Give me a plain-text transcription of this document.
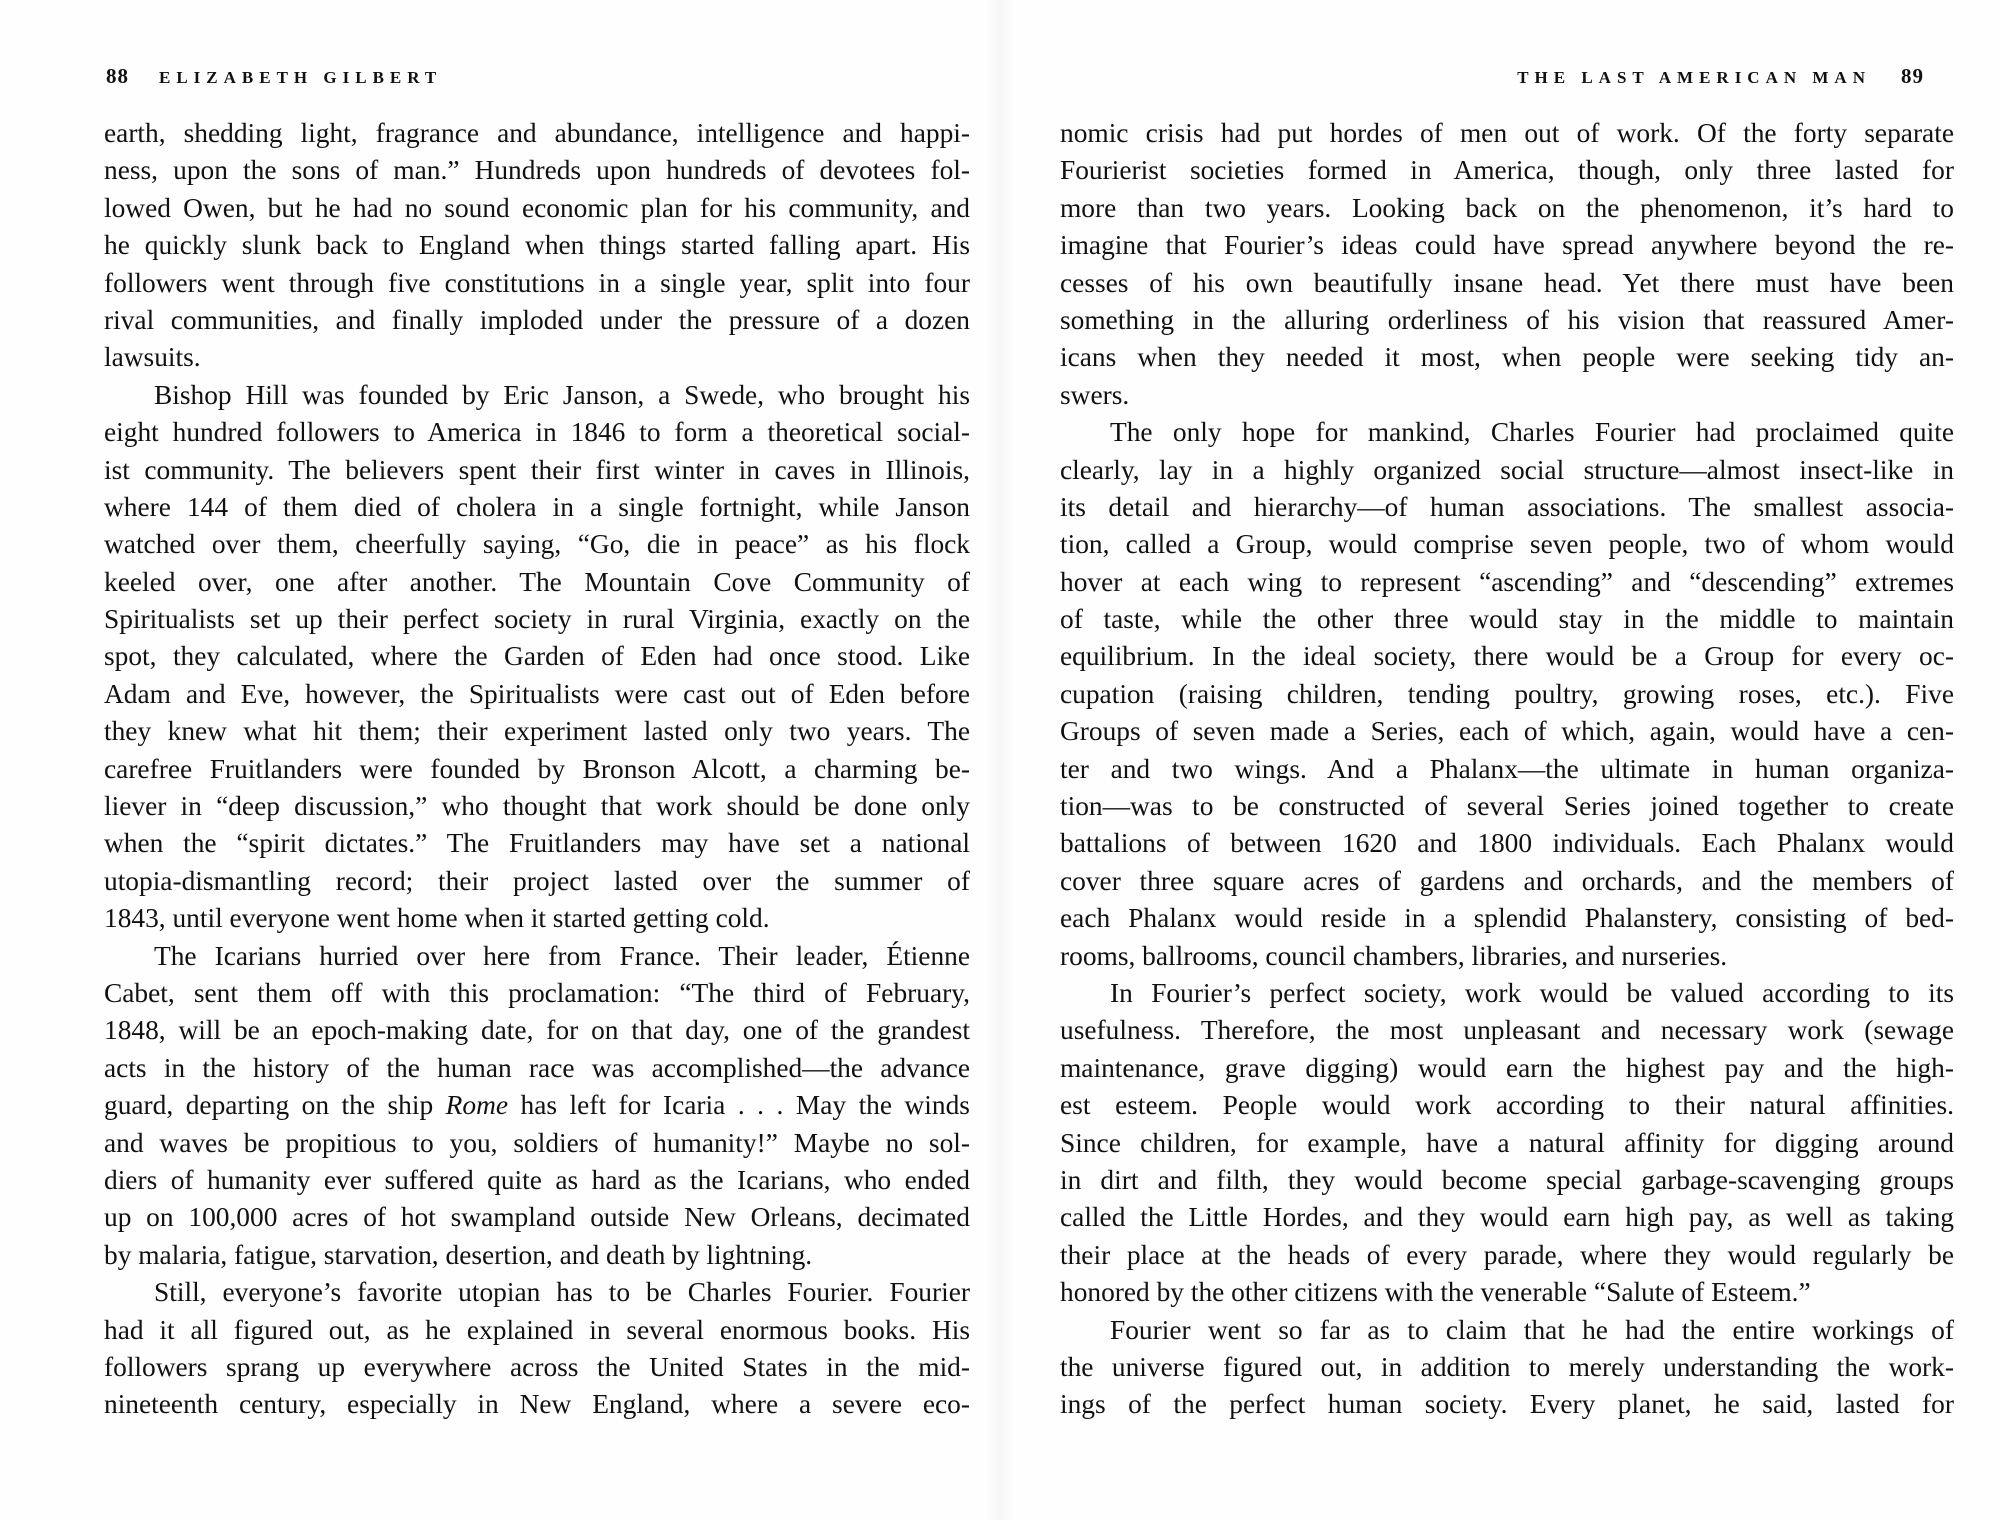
88 ELIZABETH GILBERT
earth, shedding light, fragrance and abundance, intelligence and happi-
ness, upon the sons of man.” Hundreds upon hundreds of devotees fol-
lowed Owen, but he had no sound economic plan for his community, and
he quickly slunk back to England when things started falling apart. His
followers went through five constitutions in a single year, split into four
rival communities, and finally imploded under the pressure of a dozen
lawsuits.
Bishop Hill was founded by Eric Janson, a Swede, who brought his
eight hundred followers to America in 1846 to form a theoretical social-
ist community. The believers spent their first winter in caves in Illinois,
where 144 of them died of cholera in a single fortnight, while Janson
watched over them, cheerfully saying, “Go, die in peace” as his flock
keeled over, one after another. The Mountain Cove Community of
Spiritualists set up their perfect society in rural Virginia, exactly on the
spot, they calculated, where the Garden of Eden had once stood. Like
Adam and Eve, however, the Spiritualists were cast out of Eden before
they knew what hit them; their experiment lasted only two years. The
carefree Fruitlanders were founded by Bronson Alcott, a charming be-
liever in “deep discussion,” who thought that work should be done only
when the “spirit dictates.” The Fruitlanders may have set a national
utopia-dismantling record; their project lasted over the summer of
1843, until everyone went home when it started getting cold.
The Icarians hurried over here from France. Their leader, Étienne
Cabet, sent them off with this proclamation: “The third of February,
1848, will be an epoch-making date, for on that day, one of the grandest
acts in the history of the human race was accomplished—the advance
guard, departing on the ship Rome has left for Icaria . . . May the winds
and waves be propitious to you, soldiers of humanity!” Maybe no sol-
diers of humanity ever suffered quite as hard as the Icarians, who ended
up on 100,000 acres of hot swampland outside New Orleans, decimated
by malaria, fatigue, starvation, desertion, and death by lightning.
Still, everyone’s favorite utopian has to be Charles Fourier. Fourier
had it all figured out, as he explained in several enormous books. His
followers sprang up everywhere across the United States in the mid-
nineteenth century, especially in New England, where a severe eco-
THE LAST AMERICAN MAN 89
nomic crisis had put hordes of men out of work. Of the forty separate
Fourierist societies formed in America, though, only three lasted for
more than two years. Looking back on the phenomenon, it’s hard to
imagine that Fourier’s ideas could have spread anywhere beyond the re-
cesses of his own beautifully insane head. Yet there must have been
something in the alluring orderliness of his vision that reassured Amer-
icans when they needed it most, when people were seeking tidy an-
swers.
The only hope for mankind, Charles Fourier had proclaimed quite
clearly, lay in a highly organized social structure—almost insect-like in
its detail and hierarchy—of human associations. The smallest associa-
tion, called a Group, would comprise seven people, two of whom would
hover at each wing to represent “ascending” and “descending” extremes
of taste, while the other three would stay in the middle to maintain
equilibrium. In the ideal society, there would be a Group for every oc-
cupation (raising children, tending poultry, growing roses, etc.). Five
Groups of seven made a Series, each of which, again, would have a cen-
ter and two wings. And a Phalanx—the ultimate in human organiza-
tion—was to be constructed of several Series joined together to create
battalions of between 1620 and 1800 individuals. Each Phalanx would
cover three square acres of gardens and orchards, and the members of
each Phalanx would reside in a splendid Phalanstery, consisting of bed-
rooms, ballrooms, council chambers, libraries, and nurseries.
In Fourier’s perfect society, work would be valued according to its
usefulness. Therefore, the most unpleasant and necessary work (sewage
maintenance, grave digging) would earn the highest pay and the high-
est esteem. People would work according to their natural affinities.
Since children, for example, have a natural affinity for digging around
in dirt and filth, they would become special garbage-scavenging groups
called the Little Hordes, and they would earn high pay, as well as taking
their place at the heads of every parade, where they would regularly be
honored by the other citizens with the venerable “Salute of Esteem.”
Fourier went so far as to claim that he had the entire workings of
the universe figured out, in addition to merely understanding the work-
ings of the perfect human society. Every planet, he said, lasted for
